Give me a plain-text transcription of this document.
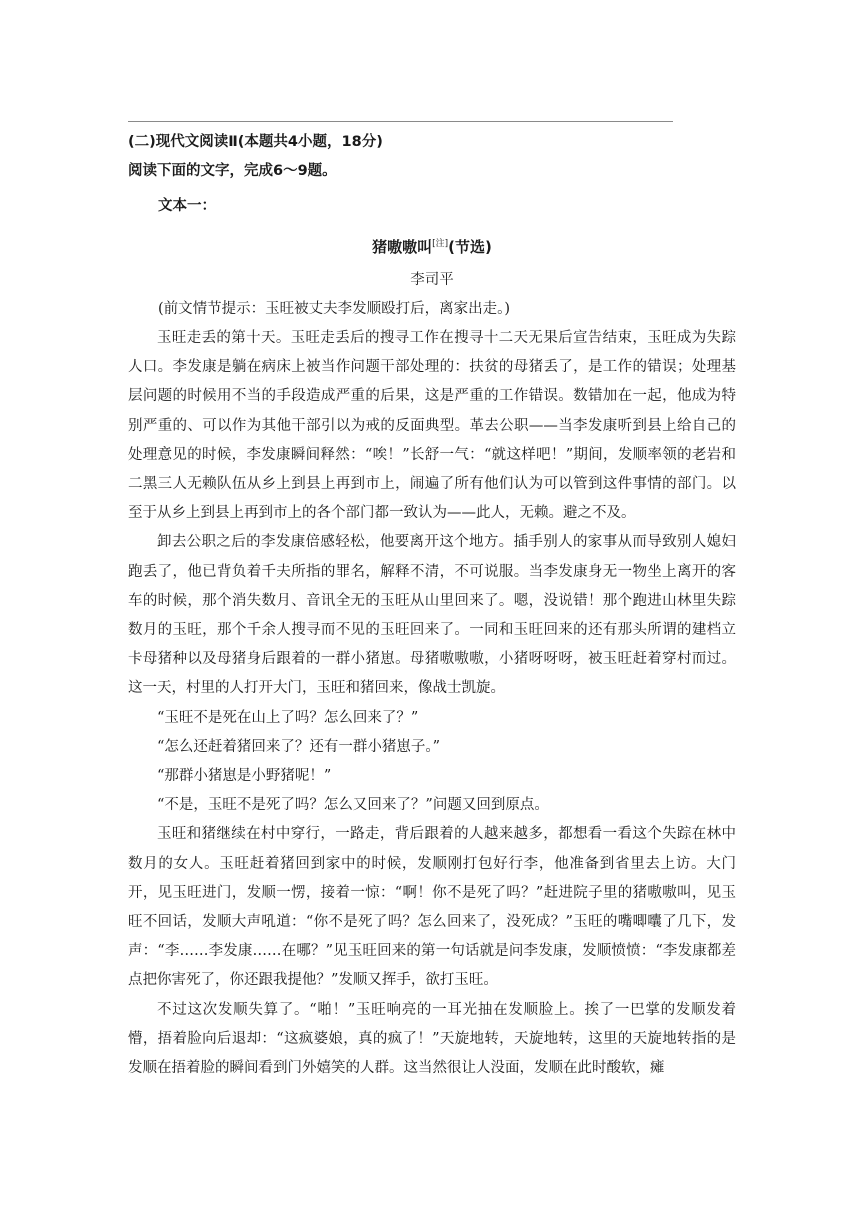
(二)现代文阅读Ⅱ(本题共4小题，18分)

阅读下面的文字，完成6～9题。

文本一：

猪嗷嗷叫[注](节选)

李司平

(前文情节提示：玉旺被丈夫李发顺殴打后，离家出走。)

玉旺走丢的第十天。玉旺走丢后的搜寻工作在搜寻十二天无果后宣告结束，玉旺成为失踪人口。李发康是躺在病床上被当作问题干部处理的：扶贫的母猪丢了，是工作的错误；处理基层问题的时候用不当的手段造成严重的后果，这是严重的工作错误。数错加在一起，他成为特别严重的、可以作为其他干部引以为戒的反面典型。革去公职——当李发康听到县上给自己的处理意见的时候，李发康瞬间释然：“唉！”长舒一气：“就这样吧！”期间，发顺率领的老岩和二黑三人无赖队伍从乡上到县上再到市上，闹遍了所有他们认为可以管到这件事情的部门。以至于从乡上到县上再到市上的各个部门都一致认为——此人，无赖。避之不及。

卸去公职之后的李发康倍感轻松，他要离开这个地方。插手别人的家事从而导致别人媳妇跑丢了，他已背负着千夫所指的罪名，解释不清，不可说服。当李发康身无一物坐上离开的客车的时候，那个消失数月、音讯全无的玉旺从山里回来了。嗯，没说错！那个跑进山林里失踪数月的玉旺，那个千余人搜寻而不见的玉旺回来了。一同和玉旺回来的还有那头所谓的建档立卡母猪种以及母猪身后跟着的一群小猪崽。母猪嗷嗷嗷，小猪呀呀呀，被玉旺赶着穿村而过。这一天，村里的人打开大门，玉旺和猪回来，像战士凯旋。

“玉旺不是死在山上了吗？怎么回来了？”

“怎么还赶着猪回来了？还有一群小猪崽子。”

“那群小猪崽是小野猪呢！”

“不是，玉旺不是死了吗？怎么又回来了？”问题又回到原点。

玉旺和猪继续在村中穿行，一路走，背后跟着的人越来越多，都想看一看这个失踪在林中数月的女人。玉旺赶着猪回到家中的时候，发顺刚打包好行李，他准备到省里去上访。大门开，见玉旺进门，发顺一愣，接着一惊：“啊！你不是死了吗？”赶进院子里的猪嗷嗷叫，见玉旺不回话，发顺大声吼道：“你不是死了吗？怎么回来了，没死成？”玉旺的嘴唧囔了几下，发声：“李……李发康……在哪？”见玉旺回来的第一句话就是问李发康，发顺愤愤：“李发康都差点把你害死了，你还跟我提他？”发顺又挥手，欲打玉旺。

不过这次发顺失算了。“啪！”玉旺响亮的一耳光抽在发顺脸上。挨了一巴掌的发顺发着懵，捂着脸向后退却：“这疯婆娘，真的疯了！”天旋地转，天旋地转，这里的天旋地转指的是发顺在捂着脸的瞬间看到门外嬉笑的人群。这当然很让人没面，发顺在此时酸软，瘫
